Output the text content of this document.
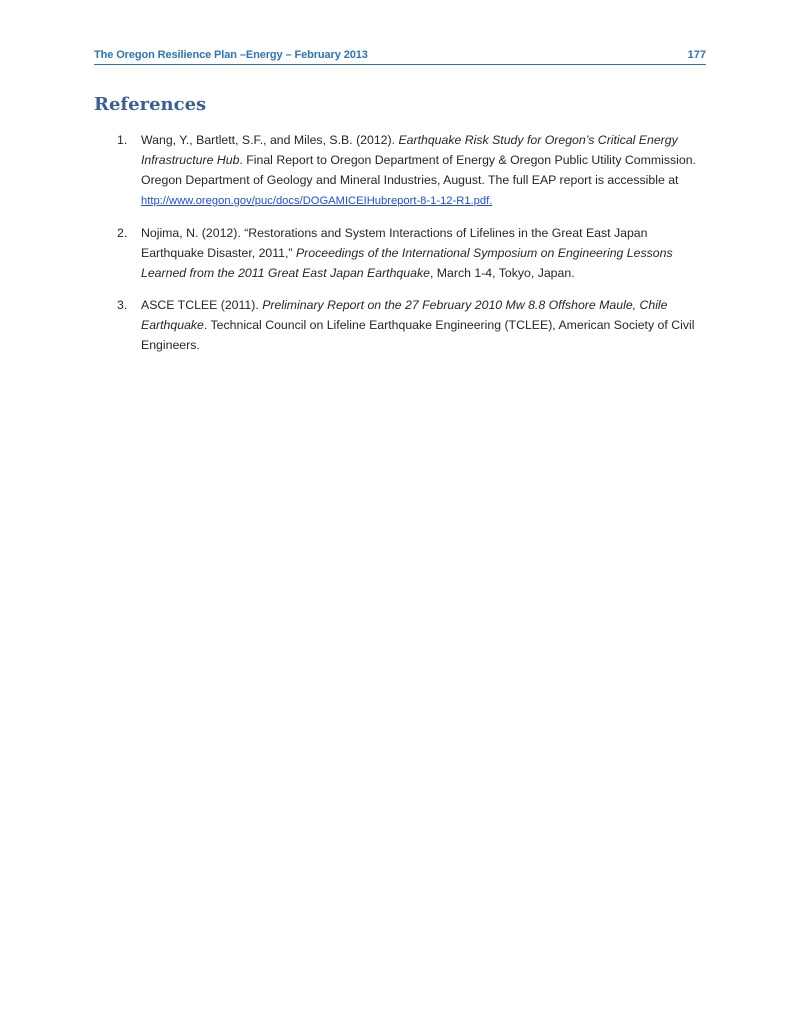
The Oregon Resilience Plan –Energy – February 2013	177
References
1. Wang, Y., Bartlett, S.F., and Miles, S.B. (2012). Earthquake Risk Study for Oregon’s Critical Energy Infrastructure Hub. Final Report to Oregon Department of Energy & Oregon Public Utility Commission. Oregon Department of Geology and Mineral Industries, August. The full EAP report is accessible at http://www.oregon.gov/puc/docs/DOGAMICEIHubreport-8-1-12-R1.pdf.
2. Nojima, N. (2012). “Restorations and System Interactions of Lifelines in the Great East Japan Earthquake Disaster, 2011,” Proceedings of the International Symposium on Engineering Lessons Learned from the 2011 Great East Japan Earthquake, March 1-4, Tokyo, Japan.
3. ASCE TCLEE (2011). Preliminary Report on the 27 February 2010 Mw 8.8 Offshore Maule, Chile Earthquake. Technical Council on Lifeline Earthquake Engineering (TCLEE), American Society of Civil Engineers.
